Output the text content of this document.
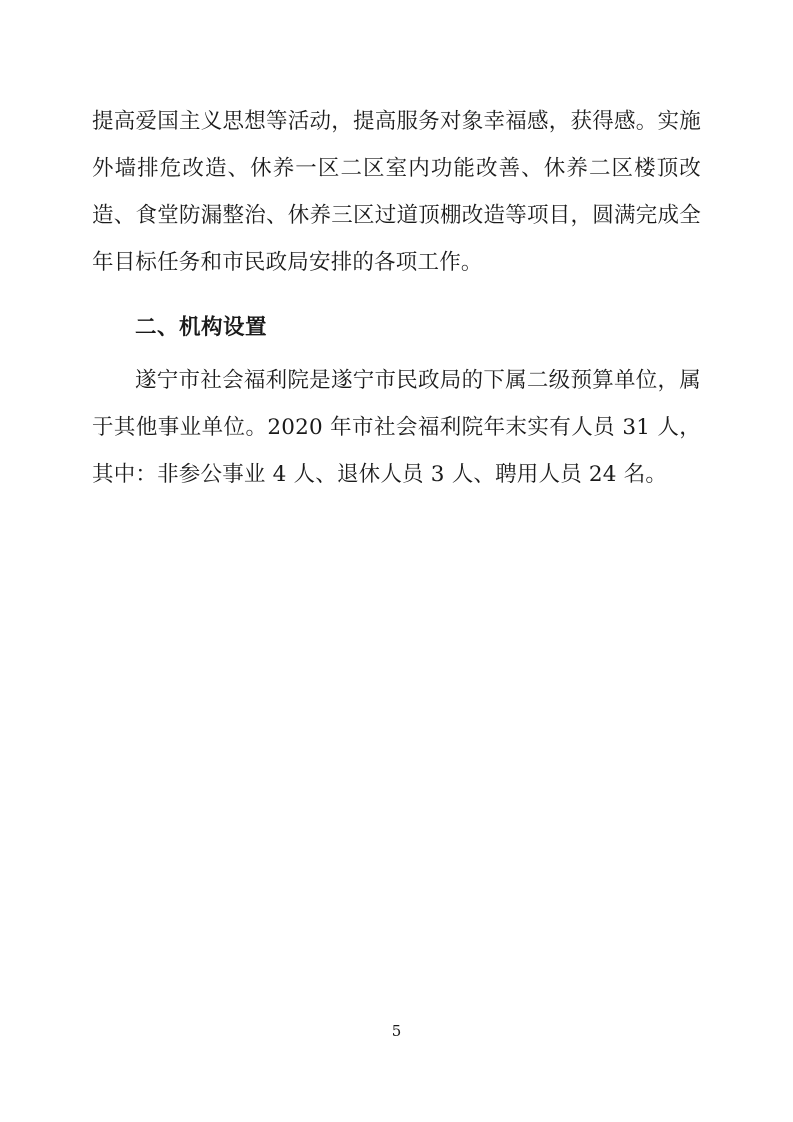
提高爱国主义思想等活动，提高服务对象幸福感，获得感。实施外墙排危改造、休养一区二区室内功能改善、休养二区楼顶改造、食堂防漏整治、休养三区过道顶棚改造等项目，圆满完成全年目标任务和市民政局安排的各项工作。

二、机构设置

遂宁市社会福利院是遂宁市民政局的下属二级预算单位，属于其他事业单位。2020 年市社会福利院年末实有人员 31 人，其中：非参公事业 4 人、退休人员 3 人、聘用人员 24 名。

5
